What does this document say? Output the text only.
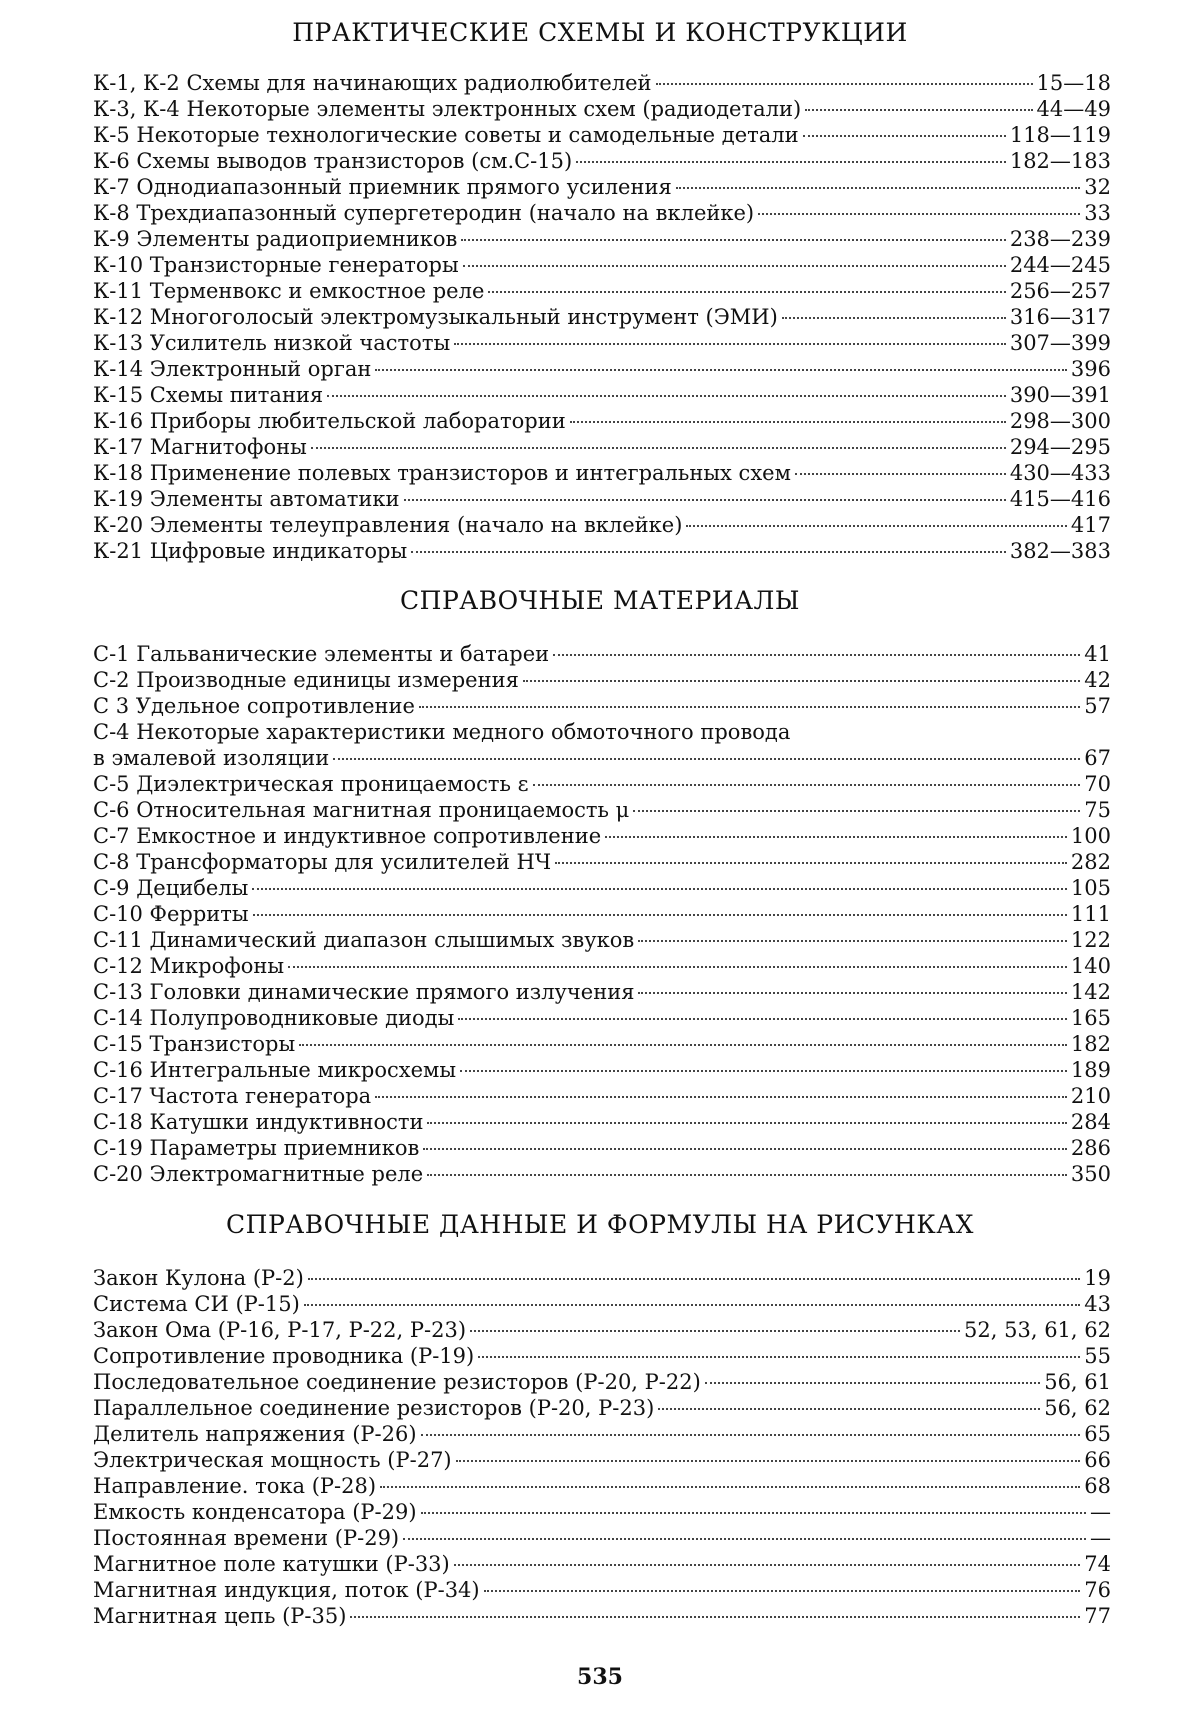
ПРАКТИЧЕСКИЕ СХЕМЫ И КОНСТРУКЦИИ
К-1, К-2 Схемы для начинающих радиолюбителей	15—18
К-3, К-4 Некоторые элементы электронных схем (радиодетали)	44—49
К-5 Некоторые технологические советы и самодельные детали	118—119
К-6 Схемы выводов транзисторов (см.С-15)	182—183
К-7 Однодиапазонный приемник прямого усиления	32
К-8 Трехдиапазонный супергетеродин (начало на вклейке)	33
К-9 Элементы радиоприемников	238—239
К-10 Транзисторные генераторы	244—245
К-11 Терменвокс и емкостное реле	256—257
К-12 Многоголосый электромузыкальный инструмент (ЭМИ)	316—317
К-13 Усилитель низкой частоты	307—399
К-14 Электронный орган	396
К-15 Схемы питания	390—391
К-16 Приборы любительской лаборатории	298—300
К-17 Магнитофоны	294—295
К-18 Применение полевых транзисторов и интегральных схем	430—433
К-19 Элементы автоматики	415—416
К-20 Элементы телеуправления (начало на вклейке)	417
К-21 Цифровые индикаторы	382—383
СПРАВОЧНЫЕ МАТЕРИАЛЫ
С-1 Гальванические элементы и батареи	41
С-2 Производные единицы измерения	42
С 3 Удельное сопротивление	57
С-4 Некоторые характеристики медного обмоточного провода
в эмалевой изоляции	67
С-5 Диэлектрическая проницаемость ε	70
С-6 Относительная магнитная проницаемость μ	75
С-7 Емкостное и индуктивное сопротивление	100
С-8 Трансформаторы для усилителей НЧ	282
С-9 Децибелы	105
С-10 Ферриты	111
С-11 Динамический диапазон слышимых звуков	122
С-12 Микрофоны	140
С-13 Головки динамические прямого излучения	142
С-14 Полупроводниковые диоды	165
С-15 Транзисторы	182
С-16 Интегральные микросхемы	189
С-17 Частота генератора	210
С-18 Катушки индуктивности	284
С-19 Параметры приемников	286
С-20 Электромагнитные реле	350
СПРАВОЧНЫЕ ДАННЫЕ И ФОРМУЛЫ НА РИСУНКАХ
Закон Кулона (Р-2)	19
Система СИ (Р-15)	43
Закон Ома (Р-16, Р-17, Р-22, Р-23)	52, 53, 61, 62
Сопротивление проводника (Р-19)	55
Последовательное соединение резисторов (Р-20, Р-22)	56, 61
Параллельное соединение резисторов (Р-20, Р-23)	56, 62
Делитель напряжения (Р-26)	65
Электрическая мощность (Р-27)	66
Направление. тока (Р-28)	68
Емкость конденсатора (Р-29)	—
Постоянная времени (Р-29)	—
Магнитное поле катушки (Р-33)	74
Магнитная индукция, поток (Р-34)	76
Магнитная цепь (Р-35)	77
535
